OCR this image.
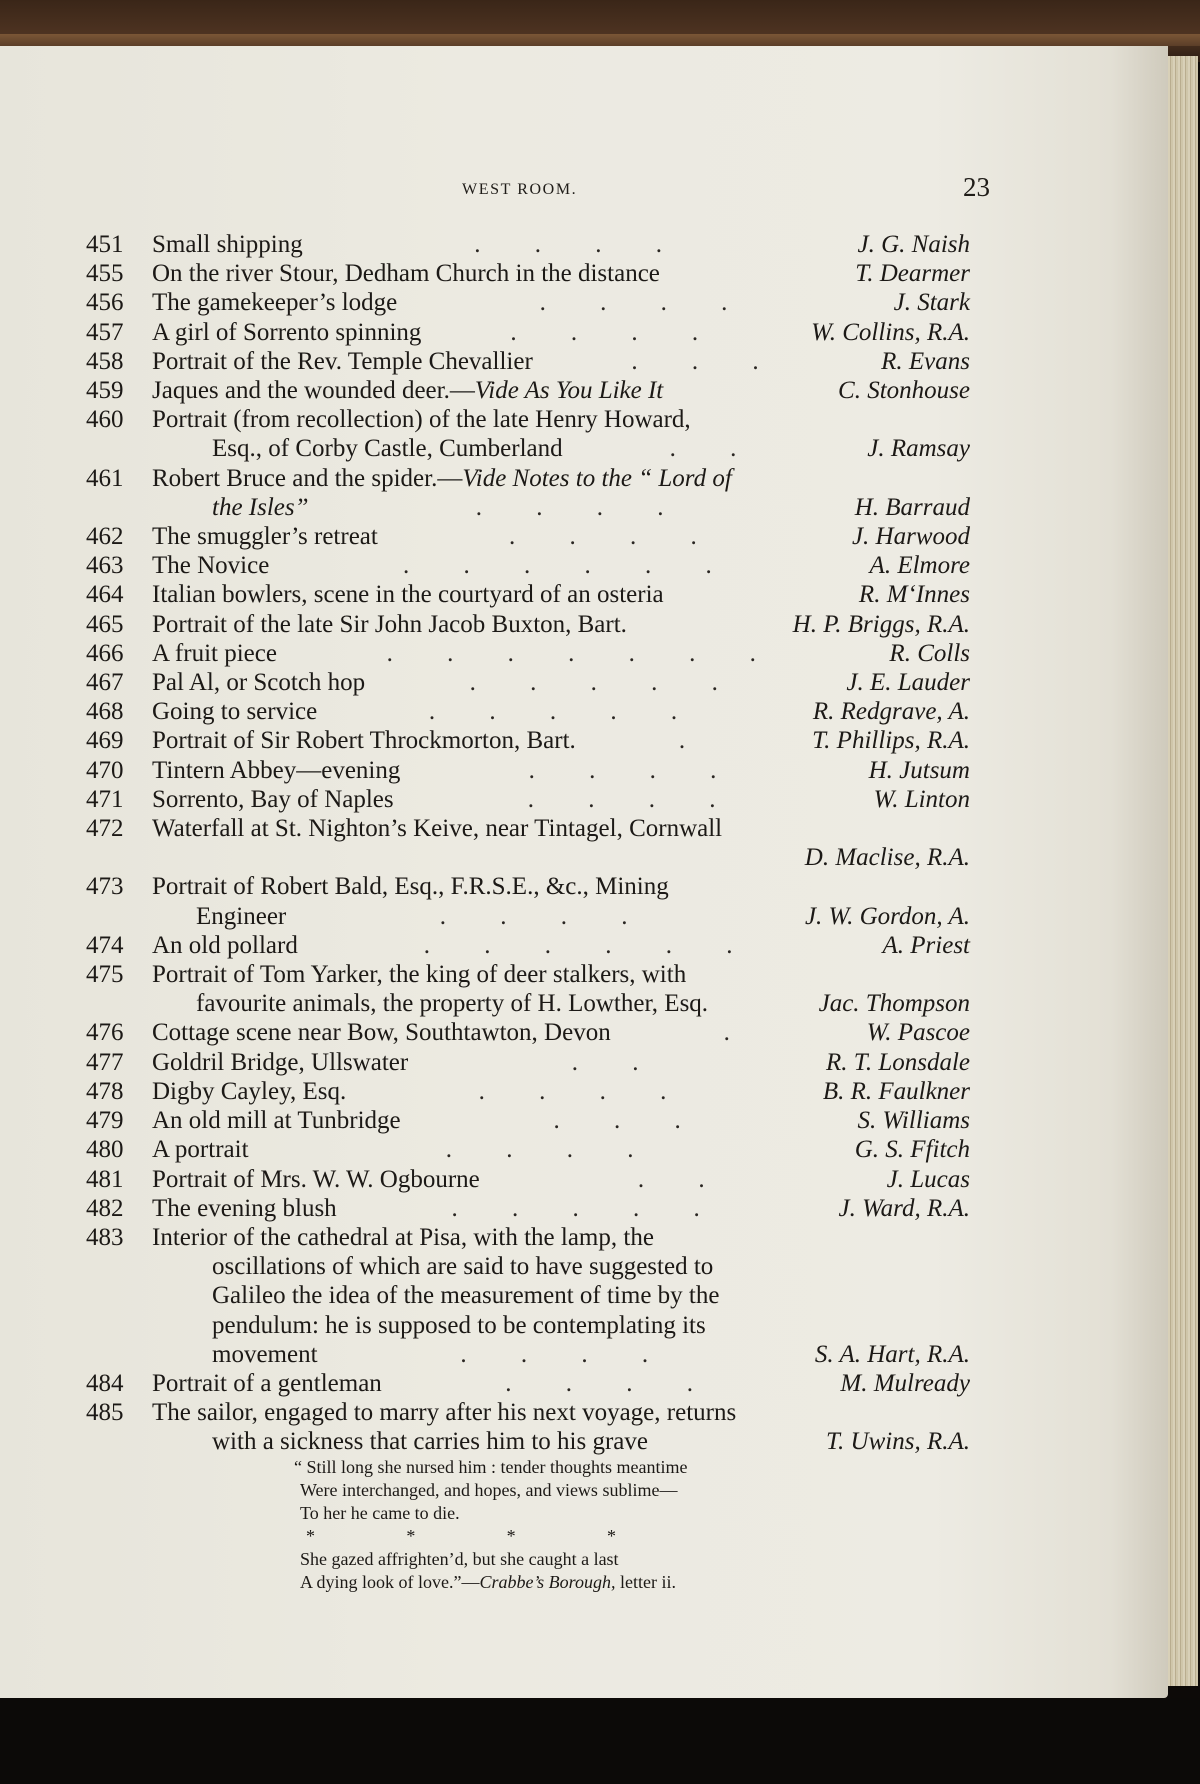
WEST ROOM.	23
451	Small shipping	. . . .	J. G. Naish
455	On the river Stour, Dedham Church in the distance	T. Dearmer
456	The gamekeeper’s lodge	. . . .	J. Stark
457	A girl of Sorrento spinning	. . . .	W. Collins, R.A.
458	Portrait of the Rev. Temple Chevallier	. . .	R. Evans
459	Jaques and the wounded deer.—Vide As You Like It	C. Stonhouse
460	Portrait (from recollection) of the late Henry Howard,
Esq., of Corby Castle, Cumberland	. .	J. Ramsay
461	Robert Bruce and the spider.—Vide Notes to the “ Lord of
the Isles”	. . . .	H. Barraud
462	The smuggler’s retreat	. . . .	J. Harwood
463	The Novice	. . . . . .	A. Elmore
464	Italian bowlers, scene in the courtyard of an osteria	R. M‘Innes
465	Portrait of the late Sir John Jacob Buxton, Bart.	H. P. Briggs, R.A.
466	A fruit piece	. . . . . . .	R. Colls
467	Pal Al, or Scotch hop	. . . . .	J. E. Lauder
468	Going to service	. . . . .	R. Redgrave, A.
469	Portrait of Sir Robert Throckmorton, Bart.	.	T. Phillips, R.A.
470	Tintern Abbey—evening	. . . .	H. Jutsum
471	Sorrento, Bay of Naples	. . . .	W. Linton
472	Waterfall at St. Nighton’s Keive, near Tintagel, Cornwall
D. Maclise, R.A.
473	Portrait of Robert Bald, Esq., F.R.S.E., &c., Mining
Engineer	. . . .	J. W. Gordon, A.
474	An old pollard	. . . . . .	A. Priest
475	Portrait of Tom Yarker, the king of deer stalkers, with
favourite animals, the property of H. Lowther, Esq.	Jac. Thompson
476	Cottage scene near Bow, Southtawton, Devon	.	W. Pascoe
477	Goldril Bridge, Ullswater	. .	R. T. Lonsdale
478	Digby Cayley, Esq.	. . . .	B. R. Faulkner
479	An old mill at Tunbridge	. . .	S. Williams
480	A portrait	. . . .	G. S. Ffitch
481	Portrait of Mrs. W. W. Ogbourne	. .	J. Lucas
482	The evening blush	. . . . .	J. Ward, R.A.
483	Interior of the cathedral at Pisa, with the lamp, the
oscillations of which are said to have suggested to
Galileo the idea of the measurement of time by the
pendulum: he is supposed to be contemplating its
movement	. . . .	S. A. Hart, R.A.
484	Portrait of a gentleman	. . . .	M. Mulready
485	The sailor, engaged to marry after his next voyage, returns
with a sickness that carries him to his grave	T. Uwins, R.A.
“ Still long she nursed him : tender thoughts meantime
Were interchanged, and hopes, and views sublime—
To her he came to die.
*	*	*	*
She gazed affrighten’d, but she caught a last
A dying look of love.”—Crabbe’s Borough, letter ii.
